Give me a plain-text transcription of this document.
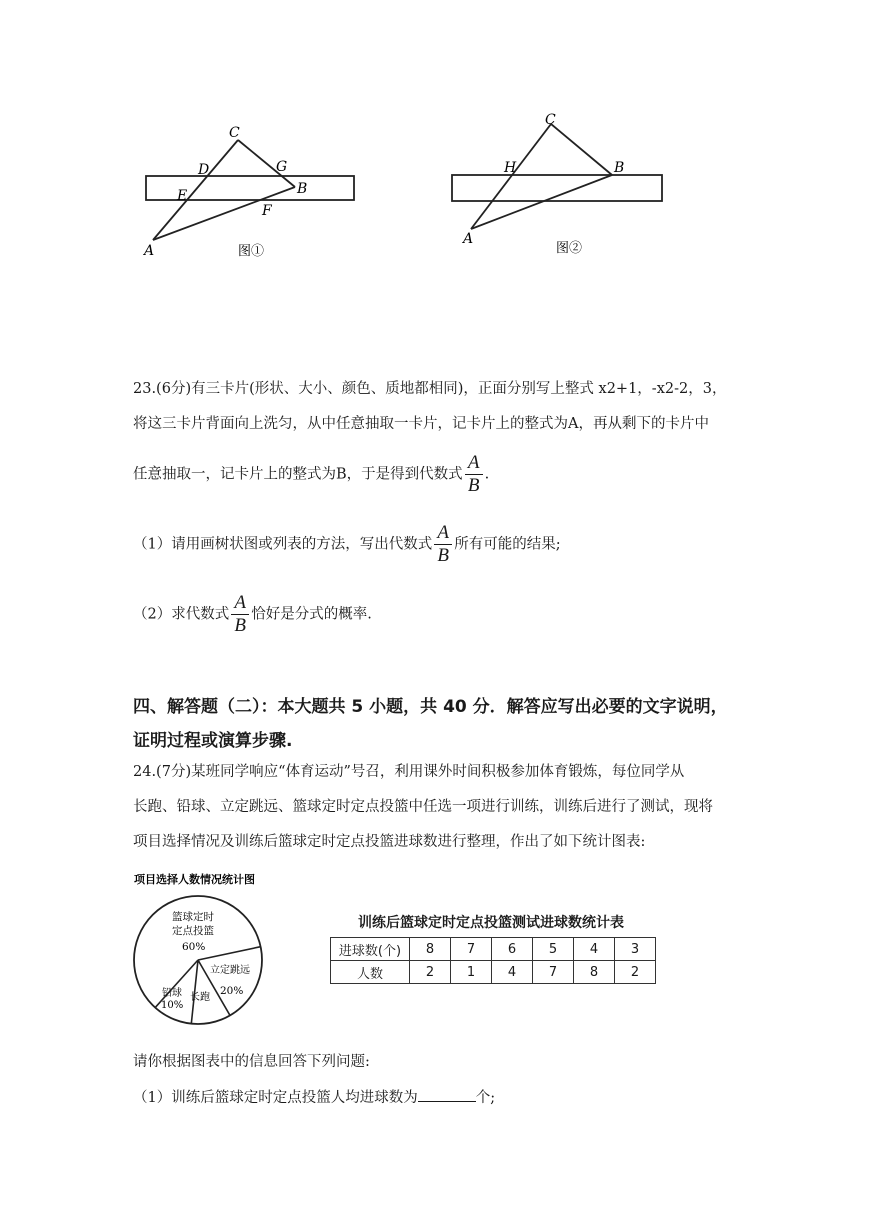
C
D	G
E	B
F
A	图①
C
H	B
A
图②
23.(6分)有三卡片(形状、大小、颜色、质地都相同)，正面分别写上整式 x2+1，-x2-2，3，
将这三卡片背面向上洗匀，从中任意抽取一卡片，记卡片上的整式为A，再从剩下的卡片中
任意抽取一，记卡片上的整式为B，于是得到代数式 $\frac{A}{B}$ .
（1）请用画树状图或列表的方法，写出代数式 $\frac{A}{B}$ 所有可能的结果;
（2）求代数式 $\frac{A}{B}$ 恰好是分式的概率.
四、解答题（二）：本大题共 5 小题，共 40 分．解答应写出必要的文字说明，
证明过程或演算步骤.
24.(7分)某班同学响应“体育运动”号召，利用课外时间积极参加体育锻炼，每位同学从
长跑、铅球、立定跳远、篮球定时定点投篮中任选一项进行训练，训练后进行了测试，现将
项目选择情况及训练后篮球定时定点投篮进球数进行整理，作出了如下统计图表:
项目选择人数情况统计图
篮球定时
定点投篮
60%
立定跳远
20%
长跑
铅球
10%
训练后篮球定时定点投篮测试进球数统计表
进球数(个)	8	7	6	5	4	3
人数	2	1	4	7	8	2
请你根据图表中的信息回答下列问题:
（1）训练后篮球定时定点投篮人均进球数为	个;
